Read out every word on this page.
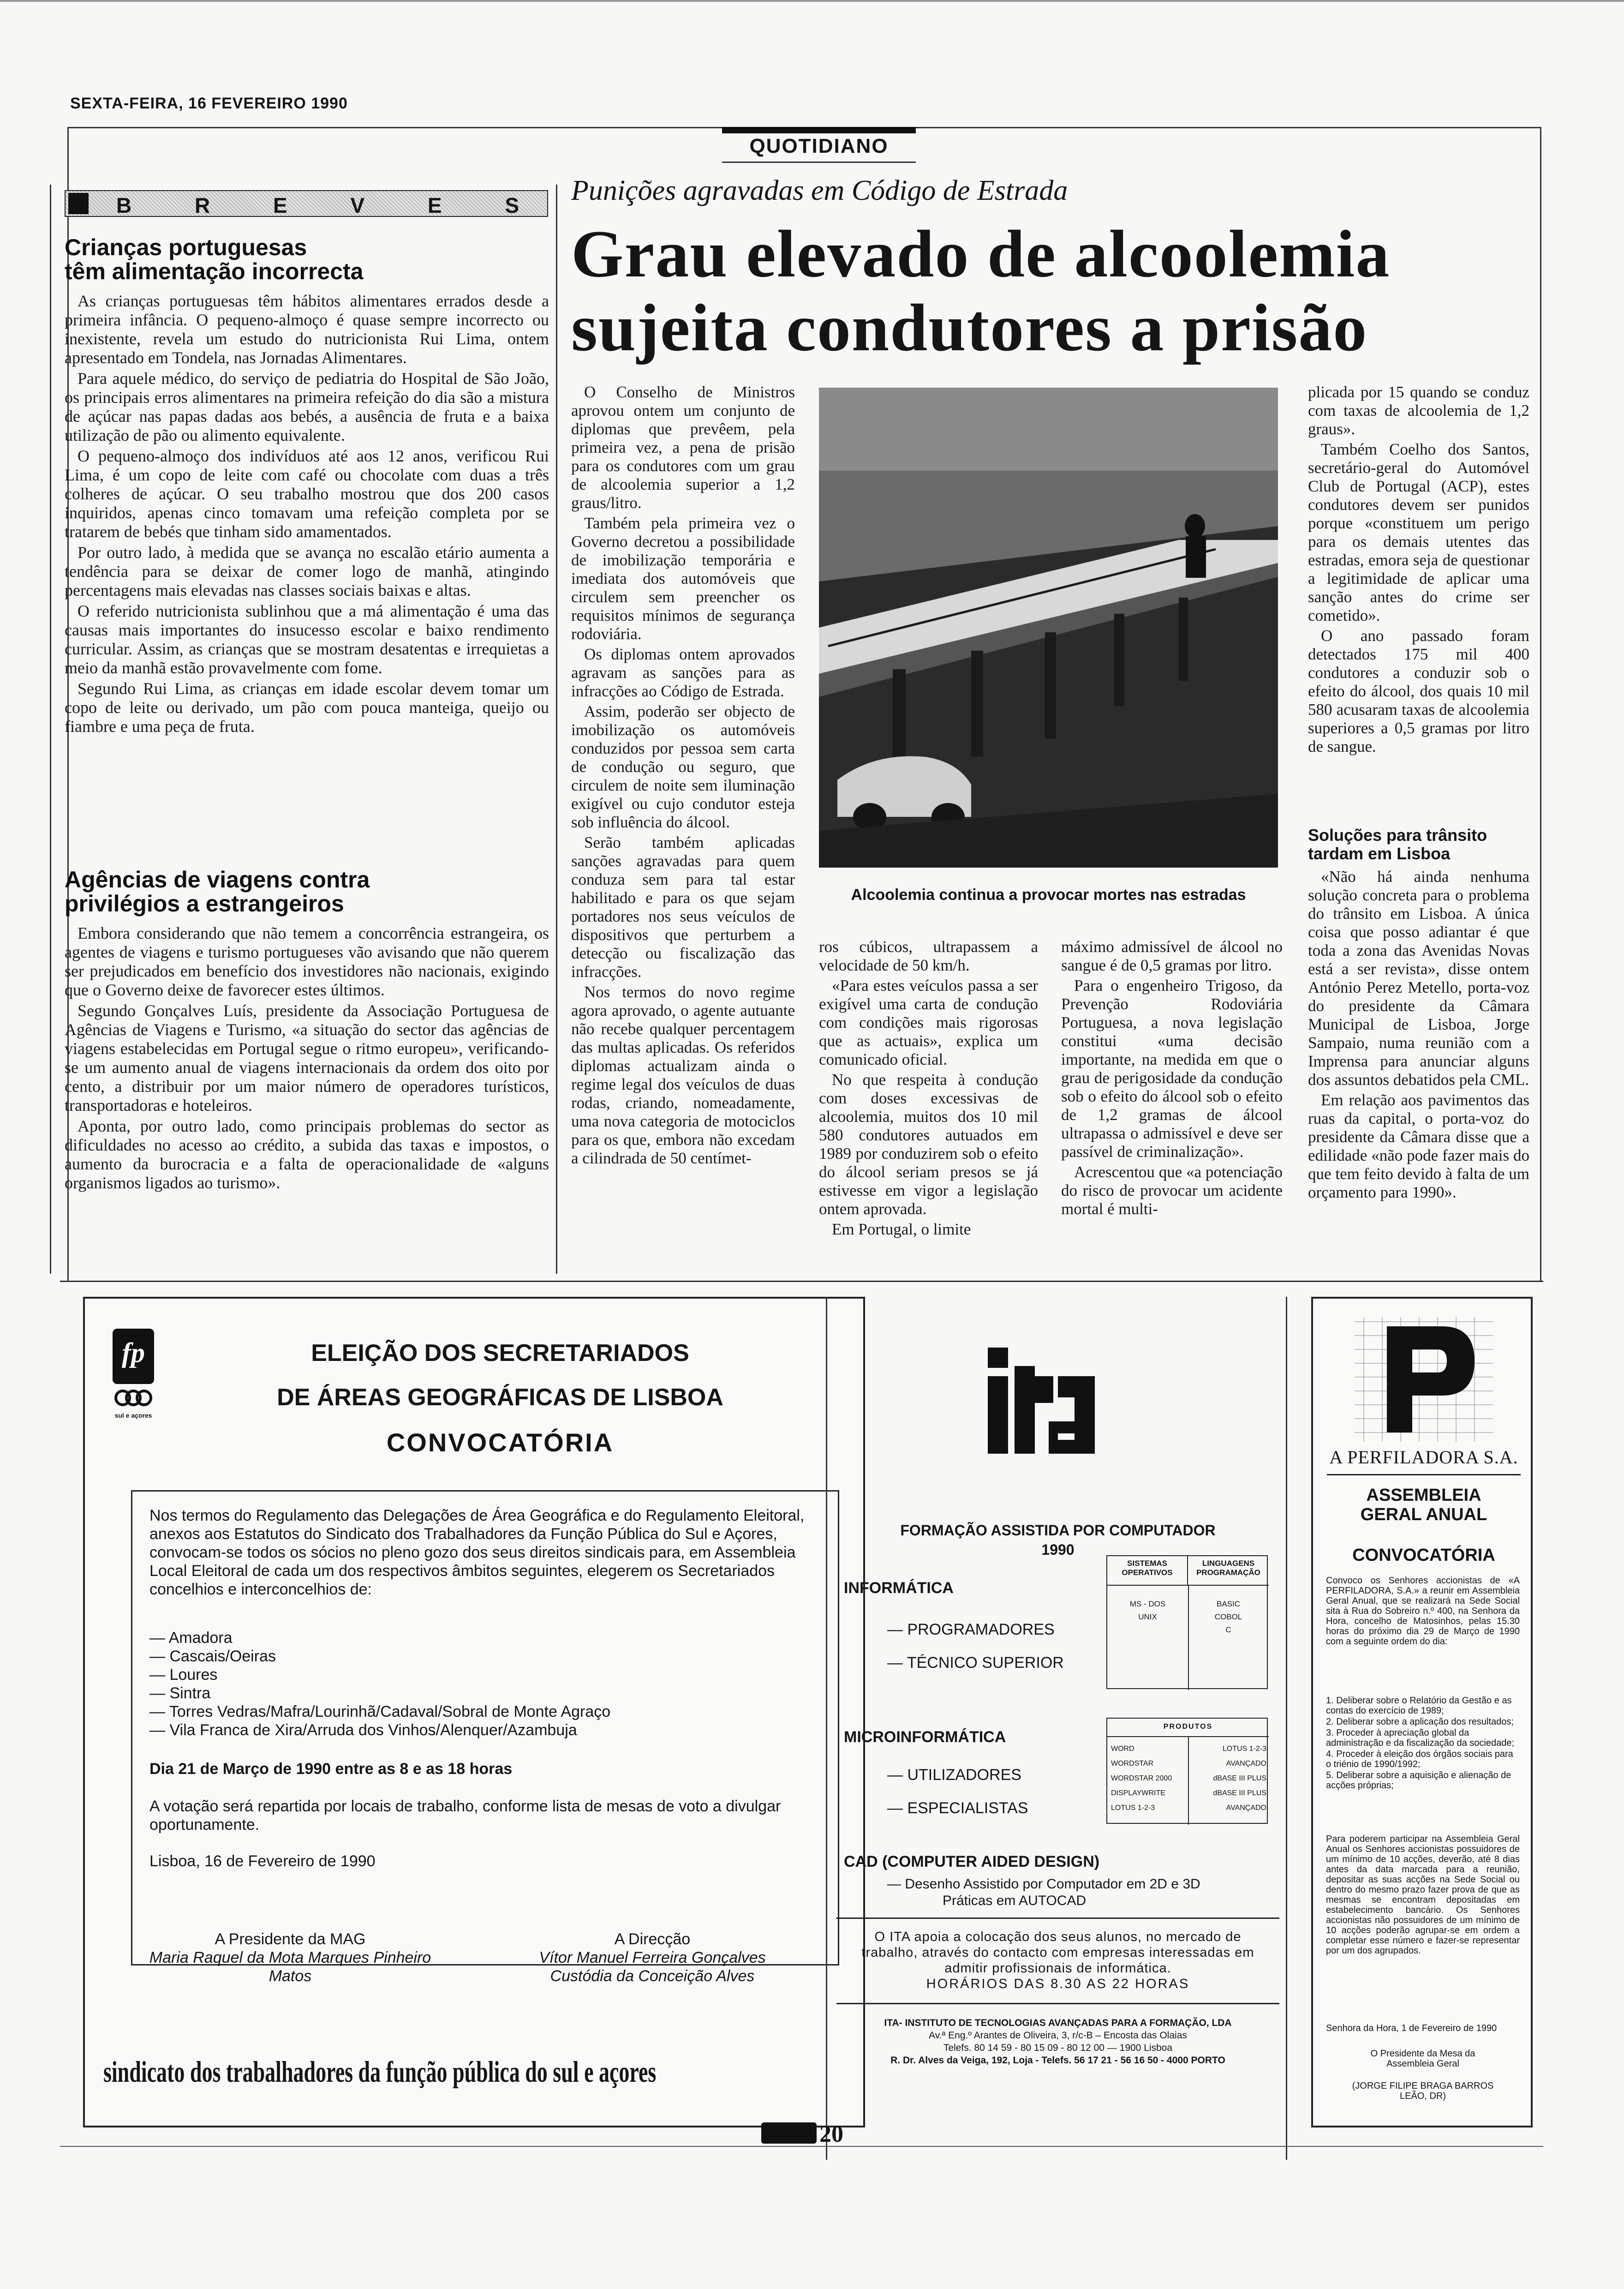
SEXTA-FEIRA, 16 FEVEREIRO 1990
QUOTIDIANO
B R E V E S
Crianças portuguesas
têm alimentação incorrecta

As crianças portuguesas têm hábitos alimentares errados desde a primeira infância. O pequeno-almoço é quase sempre incorrecto ou inexistente, revela um estudo do nutricionista Rui Lima, ontem apresentado em Tondela, nas Jornadas Alimentares.

Para aquele médico, do serviço de pediatria do Hospital de São João, os principais erros alimentares na primeira refeição do dia são a mistura de açúcar nas papas dadas aos bebés, a ausência de fruta e a baixa utilização de pão ou alimento equivalente.

O pequeno-almoço dos indivíduos até aos 12 anos, verificou Rui Lima, é um copo de leite com café ou chocolate com duas a três colheres de açúcar. O seu trabalho mostrou que dos 200 casos inquiridos, apenas cinco tomavam uma refeição completa por se tratarem de bebés que tinham sido amamentados.

Por outro lado, à medida que se avança no escalão etário aumenta a tendência para se deixar de comer logo de manhã, atingindo percentagens mais elevadas nas classes sociais baixas e altas.

O referido nutricionista sublinhou que a má alimentação é uma das causas mais importantes do insucesso escolar e baixo rendimento curricular. Assim, as crianças que se mostram desatentas e irrequietas a meio da manhã estão provavelmente com fome.

Segundo Rui Lima, as crianças em idade escolar devem tomar um copo de leite ou derivado, um pão com pouca manteiga, queijo ou fiambre e uma peça de fruta.

Agências de viagens contra
privilégios a estrangeiros

Embora considerando que não temem a concorrência estrangeira, os agentes de viagens e turismo portugueses vão avisando que não querem ser prejudicados em benefício dos investidores não nacionais, exigindo que o Governo deixe de favorecer estes últimos.

Segundo Gonçalves Luís, presidente da Associação Portuguesa de Agências de Viagens e Turismo, «a situação do sector das agências de viagens estabelecidas em Portugal segue o ritmo europeu», verificando-se um aumento anual de viagens internacionais da ordem dos oito por cento, a distribuir por um maior número de operadores turísticos, transportadoras e hoteleiros.

Aponta, por outro lado, como principais problemas do sector as dificuldades no acesso ao crédito, a subida das taxas e impostos, o aumento da burocracia e a falta de operacionalidade de «alguns organismos ligados ao turismo».

Punições agravadas em Código de Estrada
Grau elevado de alcoolemia
sujeita condutores a prisão

O Conselho de Ministros aprovou ontem um conjunto de diplomas que prevêem, pela primeira vez, a pena de prisão para os condutores com um grau de alcoolemia superior a 1,2 graus/litro.

Também pela primeira vez o Governo decretou a possibilidade de imobilização temporária e imediata dos automóveis que circulem sem preencher os requisitos mínimos de segurança rodoviária.

Os diplomas ontem aprovados agravam as sanções para as infracções ao Código de Estrada.

Assim, poderão ser objecto de imobilização os automóveis conduzidos por pessoa sem carta de condução ou seguro, que circulem de noite sem iluminação exigível ou cujo condutor esteja sob influência do álcool.

Serão também aplicadas sanções agravadas para quem conduza sem para tal estar habilitado e para os que sejam portadores nos seus veículos de dispositivos que perturbem a detecção ou fiscalização das infracções.

Nos termos do novo regime agora aprovado, o agente autuante não recebe qualquer percentagem das multas aplicadas. Os referidos diplomas actualizam ainda o regime legal dos veículos de duas rodas, criando, nomeadamente, uma nova categoria de motociclos para os que, embora não excedam a cilindrada de 50 centímet-

Alcoolemia continua a provocar mortes nas estradas

ros cúbicos, ultrapassem a velocidade de 50 km/h.

«Para estes veículos passa a ser exigível uma carta de condução com condições mais rigorosas que as actuais», explica um comunicado oficial.

No que respeita à condução com doses excessivas de alcoolemia, muitos dos 10 mil 580 condutores autuados em 1989 por conduzirem sob o efeito do álcool seriam presos se já estivesse em vigor a legislação ontem aprovada.

Em Portugal, o limite

máximo admissível de álcool no sangue é de 0,5 gramas por litro.

Para o engenheiro Trigoso, da Prevenção Rodoviária Portuguesa, a nova legislação constitui «uma decisão importante, na medida em que o grau de perigosidade da condução sob o efeito do álcool sob o efeito de 1,2 gramas de álcool ultrapassa o admissível e deve ser passível de criminalização».

Acrescentou que «a potenciação do risco de provocar um acidente mortal é multi-

plicada por 15 quando se conduz com taxas de alcoolemia de 1,2 graus».

Também Coelho dos Santos, secretário-geral do Automóvel Club de Portugal (ACP), estes condutores devem ser punidos porque «constituem um perigo para os demais utentes das estradas, emora seja de questionar a legitimidade de aplicar uma sanção antes do crime ser cometido».

O ano passado foram detectados 175 mil 400 condutores a conduzir sob o efeito do álcool, dos quais 10 mil 580 acusaram taxas de alcoolemia superiores a 0,5 gramas por litro de sangue.

Soluções para trânsito
tardam em Lisboa

«Não há ainda nenhuma solução concreta para o problema do trânsito em Lisboa. A única coisa que posso adiantar é que toda a zona das Avenidas Novas está a ser revista», disse ontem António Perez Metello, porta-voz do presidente da Câmara Municipal de Lisboa, Jorge Sampaio, numa reunião com a Imprensa para anunciar alguns dos assuntos debatidos pela CML.

Em relação aos pavimentos das ruas da capital, o porta-voz do presidente da Câmara disse que a edilidade «não pode fazer mais do que tem feito devido à falta de um orçamento para 1990».

fp
sul e açores
ELEIÇÃO DOS SECRETARIADOS
DE ÁREAS GEOGRÁFICAS DE LISBOA
CONVOCATÓRIA
Nos termos do Regulamento das Delegações de Área Geográfica e do Regulamento Eleitoral, anexos aos Estatutos do Sindicato dos Trabalhadores da Função Pública do Sul e Açores, convocam-se todos os sócios no pleno gozo dos seus direitos sindicais para, em Assembleia Local Eleitoral de cada um dos respectivos âmbitos seguintes, elegerem os Secretariados concelhios e interconcelhios de:
— Amadora
— Cascais/Oeiras
— Loures
— Sintra
— Torres Vedras/Mafra/Lourinhã/Cadaval/Sobral de Monte Agraço
— Vila Franca de Xira/Arruda dos Vinhos/Alenquer/Azambuja
Dia 21 de Março de 1990 entre as 8 e as 18 horas
A votação será repartida por locais de trabalho, conforme lista de mesas de voto a divulgar oportunamente.
Lisboa, 16 de Fevereiro de 1990
A Presidente da MAG
Maria Raquel da Mota Marques Pinheiro
Matos
A Direcção
Vítor Manuel Ferreira Gonçalves
Custódia da Conceição Alves
sindicato dos trabalhadores da função pública do sul e açores
FORMAÇÃO ASSISTIDA POR COMPUTADOR
1990
INFORMÁTICA
— PROGRAMADORES
— TÉCNICO SUPERIOR
SISTEMAS OPERATIVOS
LINGUAGENS PROGRAMAÇÃO
MS - DOS
UNIX
BASIC
COBOL
C
MICROINFORMÁTICA
— UTILIZADORES
— ESPECIALISTAS
PRODUTOS
WORD
WORDSTAR
WORDSTAR 2000
DISPLAYWRITE
LOTUS 1-2-3
LOTUS 1-2-3
AVANÇADO
dBASE III PLUS
dBASE III PLUS
AVANÇADO
CAD (COMPUTER AIDED DESIGN)
— Desenho Assistido por Computador em 2D e 3D
Práticas em AUTOCAD
O ITA apoia a colocação dos seus alunos, no mercado de trabalho, através do contacto com empresas interessadas em admitir profissionais de informática.
HORÁRIOS DAS 8.30 AS 22 HORAS
ITA- INSTITUTO DE TECNOLOGIAS AVANÇADAS PARA A FORMAÇÃO, LDA
Av.ª Eng.º Arantes de Oliveira, 3, r/c-B – Encosta das Olaias
Telefs. 80 14 59 - 80 15 09 - 80 12 00 — 1900 Lisboa
R. Dr. Alves da Veiga, 192, Loja - Telefs. 56 17 21 - 56 16 50 - 4000 PORTO
A PERFILADORA S.A.
ASSEMBLEIA
GERAL ANUAL
CONVOCATÓRIA
Convoco os Senhores accionistas de «A PERFILADORA, S.A.» a reunir em Assembleia Geral Anual, que se realizará na Sede Social sita à Rua do Sobreiro n.º 400, na Senhora da Hora, concelho de Matosinhos, pelas 15.30 horas do próximo dia 29 de Março de 1990 com a seguinte ordem do dia:
1. Deliberar sobre o Relatório da Gestão e as contas do exercício de 1989;
2. Deliberar sobre a aplicação dos resultados;
3. Proceder à apreciação global da administração e da fiscalização da sociedade;
4. Proceder à eleição dos órgãos sociais para o triénio de 1990/1992;
5. Deliberar sobre a aquisição e alienação de acções próprias;
Para poderem participar na Assembleia Geral Anual os Senhores accionistas possuidores de um mínimo de 10 acções, deverão, até 8 dias antes da data marcada para a reunião, depositar as suas acções na Sede Social ou dentro do mesmo prazo fazer prova de que as mesmas se encontram depositadas em estabelecimento bancário. Os Senhores accionistas não possuidores de um mínimo de 10 acções poderão agrupar-se em ordem a completar esse número e fazer-se representar por um dos agrupados.
Senhora da Hora, 1 de Fevereiro de 1990
O Presidente da Mesa da
Assembleia Geral
(JORGE FILIPE BRAGA BARROS
LEÃO, DR)
20
